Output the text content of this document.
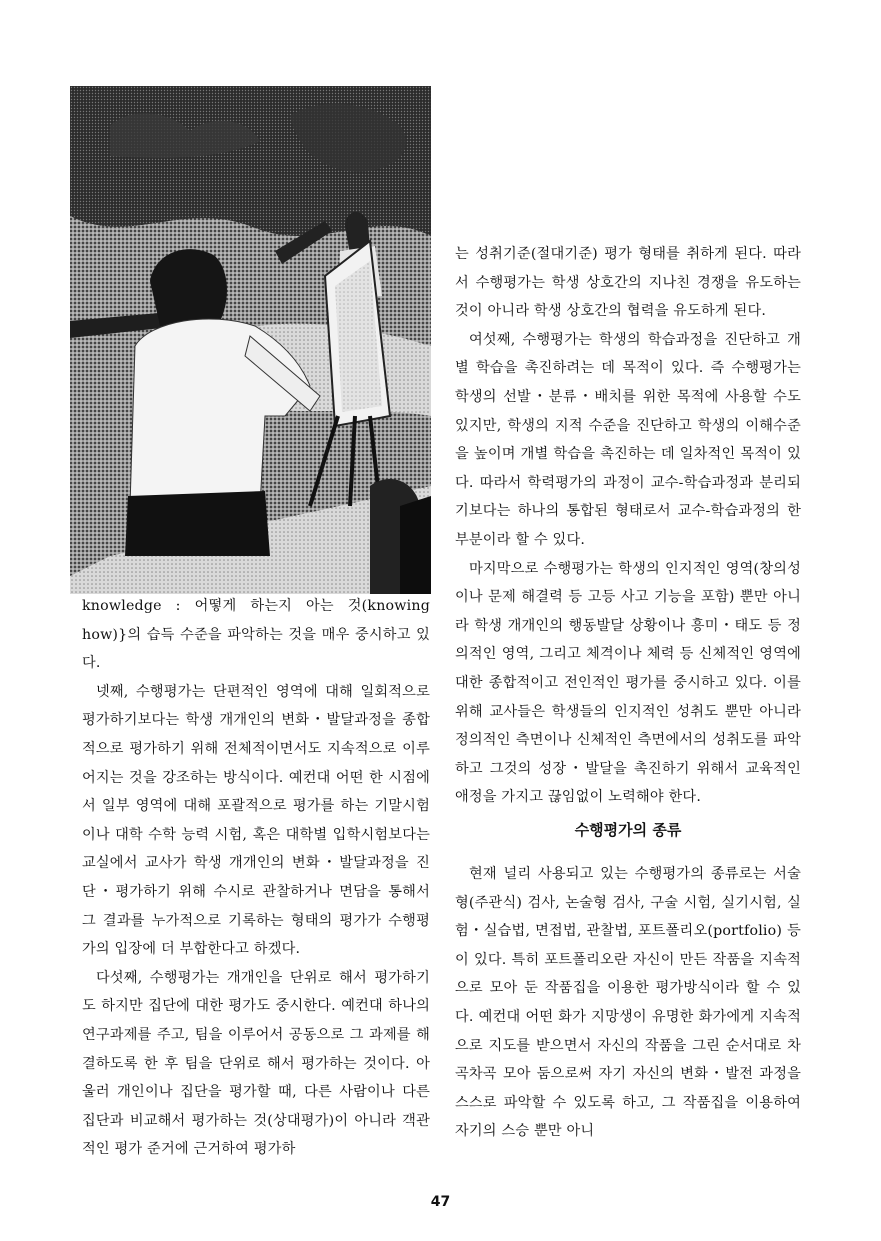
knowledge : 어떻게 하는지 아는 것(knowing how)}의 습득 수준을 파악하는 것을 매우 중시하고 있다.

넷째, 수행평가는 단편적인 영역에 대해 일회적으로 평가하기보다는 학생 개개인의 변화・발달과정을 종합적으로 평가하기 위해 전체적이면서도 지속적으로 이루어지는 것을 강조하는 방식이다. 예컨대 어떤 한 시점에서 일부 영역에 대해 포괄적으로 평가를 하는 기말시험이나 대학 수학 능력 시험, 혹은 대학별 입학시험보다는 교실에서 교사가 학생 개개인의 변화・발달과정을 진단・평가하기 위해 수시로 관찰하거나 면담을 통해서 그 결과를 누가적으로 기록하는 형태의 평가가 수행평가의 입장에 더 부합한다고 하겠다.

다섯째, 수행평가는 개개인을 단위로 해서 평가하기도 하지만 집단에 대한 평가도 중시한다. 예컨대 하나의 연구과제를 주고, 팀을 이루어서 공동으로 그 과제를 해결하도록 한 후 팀을 단위로 해서 평가하는 것이다. 아울러 개인이나 집단을 평가할 때, 다른 사람이나 다른 집단과 비교해서 평가하는 것(상대평가)이 아니라 객관적인 평가 준거에 근거하여 평가하

는 성취기준(절대기준) 평가 형태를 취하게 된다. 따라서 수행평가는 학생 상호간의 지나친 경쟁을 유도하는 것이 아니라 학생 상호간의 협력을 유도하게 된다.

여섯째, 수행평가는 학생의 학습과정을 진단하고 개별 학습을 촉진하려는 데 목적이 있다. 즉 수행평가는 학생의 선발・분류・배치를 위한 목적에 사용할 수도 있지만, 학생의 지적 수준을 진단하고 학생의 이해수준을 높이며 개별 학습을 촉진하는 데 일차적인 목적이 있다. 따라서 학력평가의 과정이 교수-학습과정과 분리되기보다는 하나의 통합된 형태로서 교수-학습과정의 한 부분이라 할 수 있다.

마지막으로 수행평가는 학생의 인지적인 영역(창의성이나 문제 해결력 등 고등 사고 기능을 포함) 뿐만 아니라 학생 개개인의 행동발달 상황이나 흥미・태도 등 정의적인 영역, 그리고 체격이나 체력 등 신체적인 영역에 대한 종합적이고 전인적인 평가를 중시하고 있다. 이를 위해 교사들은 학생들의 인지적인 성취도 뿐만 아니라 정의적인 측면이나 신체적인 측면에서의 성취도를 파악하고 그것의 성장・발달을 촉진하기 위해서 교육적인 애정을 가지고 끊임없이 노력해야 한다.

수행평가의 종류

현재 널리 사용되고 있는 수행평가의 종류로는 서술형(주관식) 검사, 논술형 검사, 구술 시험, 실기시험, 실험・실습법, 면접법, 관찰법, 포트폴리오(portfolio) 등이 있다. 특히 포트폴리오란 자신이 만든 작품을 지속적으로 모아 둔 작품집을 이용한 평가방식이라 할 수 있다. 예컨대 어떤 화가 지망생이 유명한 화가에게 지속적으로 지도를 받으면서 자신의 작품을 그린 순서대로 차곡차곡 모아 둠으로써 자기 자신의 변화・발전 과정을 스스로 파악할 수 있도록 하고, 그 작품집을 이용하여 자기의 스승 뿐만 아니

47
